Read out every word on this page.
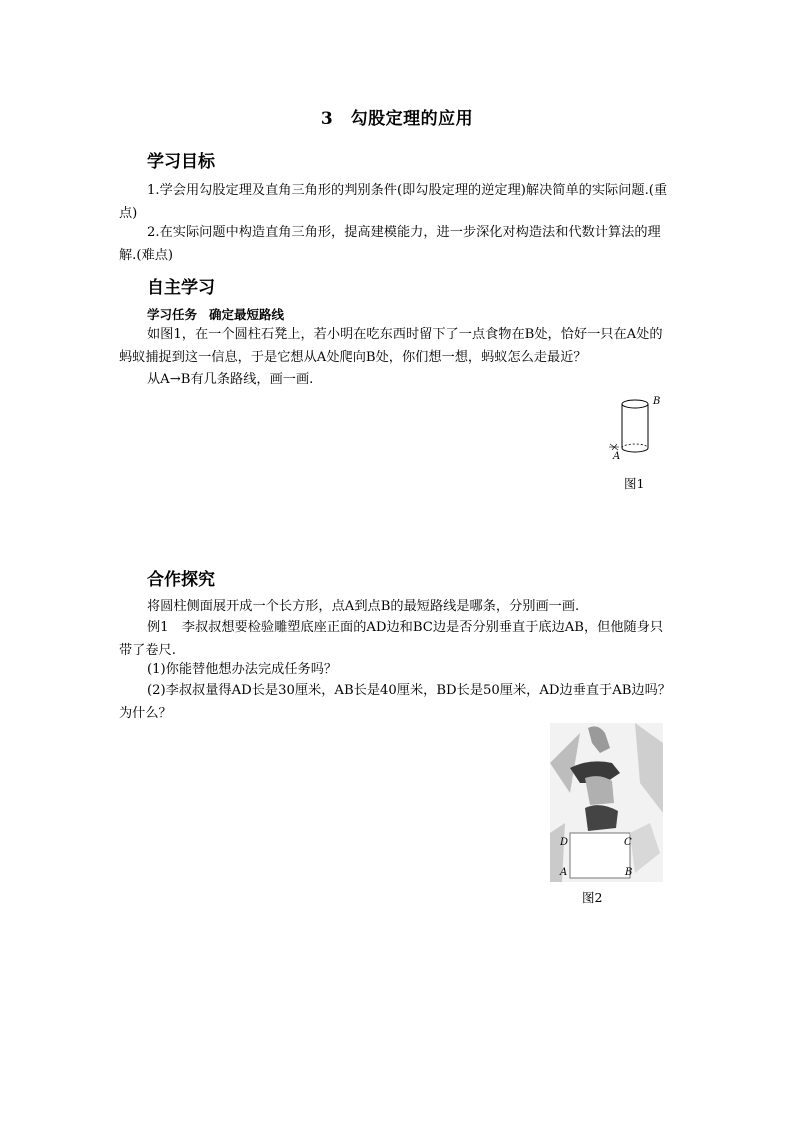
3　勾股定理的应用
学习目标
1.学会用勾股定理及直角三角形的判别条件(即勾股定理的逆定理)解决简单的实际问题.(重点)
2.在实际问题中构造直角三角形，提高建模能力，进一步深化对构造法和代数计算法的理解.(难点)
自主学习
学习任务 确定最短路线
如图1，在一个圆柱石凳上，若小明在吃东西时留下了一点食物在B处，恰好一只在A处的蚂蚁捕捉到这一信息，于是它想从A处爬向B处，你们想一想，蚂蚁怎么走最近？
从A→B有几条路线，画一画.
B
A
图1
合作探究
将圆柱侧面展开成一个长方形，点A到点B的最短路线是哪条，分别画一画.
例1　李叔叔想要检验雕塑底座正面的AD边和BC边是否分别垂直于底边AB，但他随身只带了卷尺.
(1)你能替他想办法完成任务吗？
(2)李叔叔量得AD长是30厘米，AB长是40厘米，BD长是50厘米，AD边垂直于AB边吗？为什么？
D	C
A	B
图2
